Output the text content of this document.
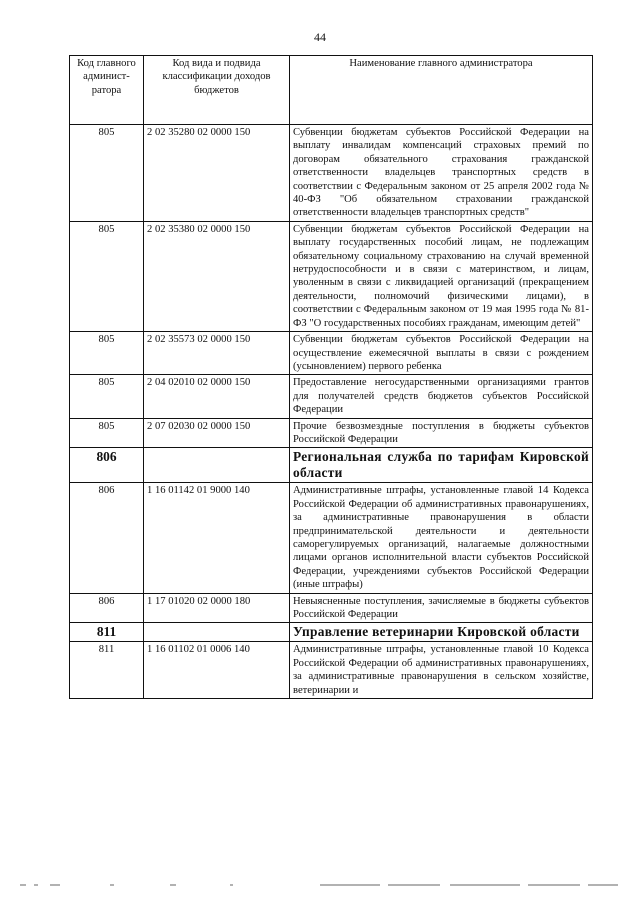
44
Код главного админист-ратора	Код вида и подвида классификации доходов бюджетов	Наименование главного администратора
805	2 02 35280 02 0000 150	Субвенции бюджетам субъектов Российской Федерации на выплату инвалидам компенсаций страховых премий по договорам обязательного страхования гражданской ответственности владельцев транспортных средств в соответствии с Федеральным законом от 25 апреля 2002 года № 40-ФЗ "Об обязательном страховании гражданской ответственности владельцев транспортных средств"
805	2 02 35380 02 0000 150	Субвенции бюджетам субъектов Российской Федерации на выплату государственных пособий лицам, не подлежащим обязательному социальному страхованию на случай временной нетрудоспособности и в связи с материнством, и лицам, уволенным в связи с ликвидацией организаций (прекращением деятельности, полномочий физическими лицами), в соответствии с Федеральным законом от 19 мая 1995 года № 81-ФЗ "О государственных пособиях гражданам, имеющим детей"
805	2 02 35573 02 0000 150	Субвенции бюджетам субъектов Российской Федерации на осуществление ежемесячной выплаты в связи с рождением (усыновлением) первого ребенка
805	2 04 02010 02 0000 150	Предоставление негосударственными организациями грантов для получателей средств бюджетов субъектов Российской Федерации
805	2 07 02030 02 0000 150	Прочие безвозмездные поступления в бюджеты субъектов Российской Федерации
806		Региональная служба по тарифам Кировской области
806	1 16 01142 01 9000 140	Административные штрафы, установленные главой 14 Кодекса Российской Федерации об административных правонарушениях, за административные правонарушения в области предпринимательской деятельности и деятельности саморегулируемых организаций, налагаемые должностными лицами органов исполнительной власти субъектов Российской Федерации, учреждениями субъектов Российской Федерации (иные штрафы)
806	1 17 01020 02 0000 180	Невыясненные поступления, зачисляемые в бюджеты субъектов Российской Федерации
811		Управление ветеринарии Кировской области
811	1 16 01102 01 0006 140	Административные штрафы, установленные главой 10 Кодекса Российской Федерации об административных правонарушениях, за административные правонарушения в сельском хозяйстве, ветеринарии и
